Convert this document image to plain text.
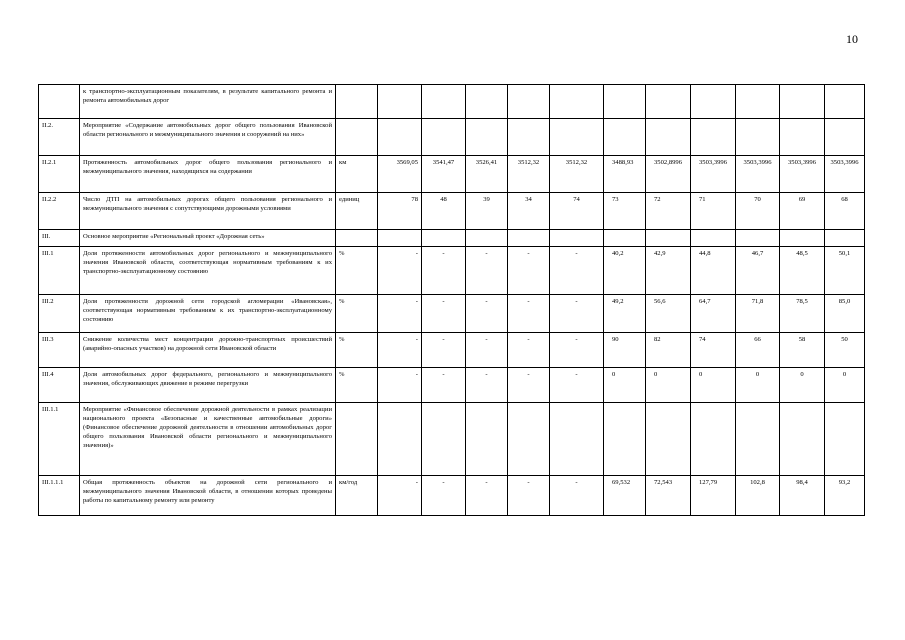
10
	к транспортно-эксплуатационным показателям, в результате капитального ремонта и ремонта автомобильных дорог												
II.2.	Мероприятие «Содержание автомобильных дорог общего пользования Ивановской области регионального и межмуниципального значения и сооружений на них»												
II.2.1	Протяженность автомобильных дорог общего пользования регионального и межмуниципального значения, находящихся на содержании	км	3569,05	3541,47	3526,41	3512,32	3512,32	3488,93	3502,8996	3503,3996	3503,3996	3503,3996	3503,3996
II.2.2	Число ДТП на автомобильных дорогах общего пользования регионального и межмуниципального значения с сопутствующими дорожными условиями	единиц	78	48	39	34	74	73	72	71	70	69	68
III.	Основное мероприятие «Региональный проект «Дорожная сеть»												
III.1	Доля протяженности автомобильных дорог регионального и межмуниципального значения Ивановской области, соответствующая нормативным требованиям к их транспортно-эксплуатационному состоянию	%	-	-	-	-	-	40,2	42,9	44,8	46,7	48,5	50,1
III.2	Доля протяженности дорожной сети городской агломерации «Ивановская», соответствующая нормативным требованиям к их транспортно-эксплуатационному состоянию	%	-	-	-	-	-	49,2	56,6	64,7	71,8	78,5	85,0
III.3	Снижение количества мест концентрации дорожно-транспортных происшествий (аварийно-опасных участков) на дорожной сети Ивановской области	%	-	-	-	-	-	90	82	74	66	58	50
III.4	Доля автомобильных дорог федерального, регионального и межмуниципального значения, обслуживающих движение в режиме перегрузки	%	-	-	-	-	-	0	0	0	0	0	0
III.1.1	Мероприятие «Финансовое обеспечение дорожной деятельности в рамках реализации национального проекта «Безопасные и качественные автомобильные дороги» (Финансовое обеспечение дорожной деятельности в отношении автомобильных дорог общего пользования Ивановской области регионального и межмуниципального значения)»												
III.1.1.1	Общая протяженность объектов на дорожной сети регионального и межмуниципального значения Ивановской области, в отношении которых проведены работы по капитальному ремонту или ремонту	км/год	-	-	-	-	-	69,532	72,543	127,79	102,8	98,4	93,2
